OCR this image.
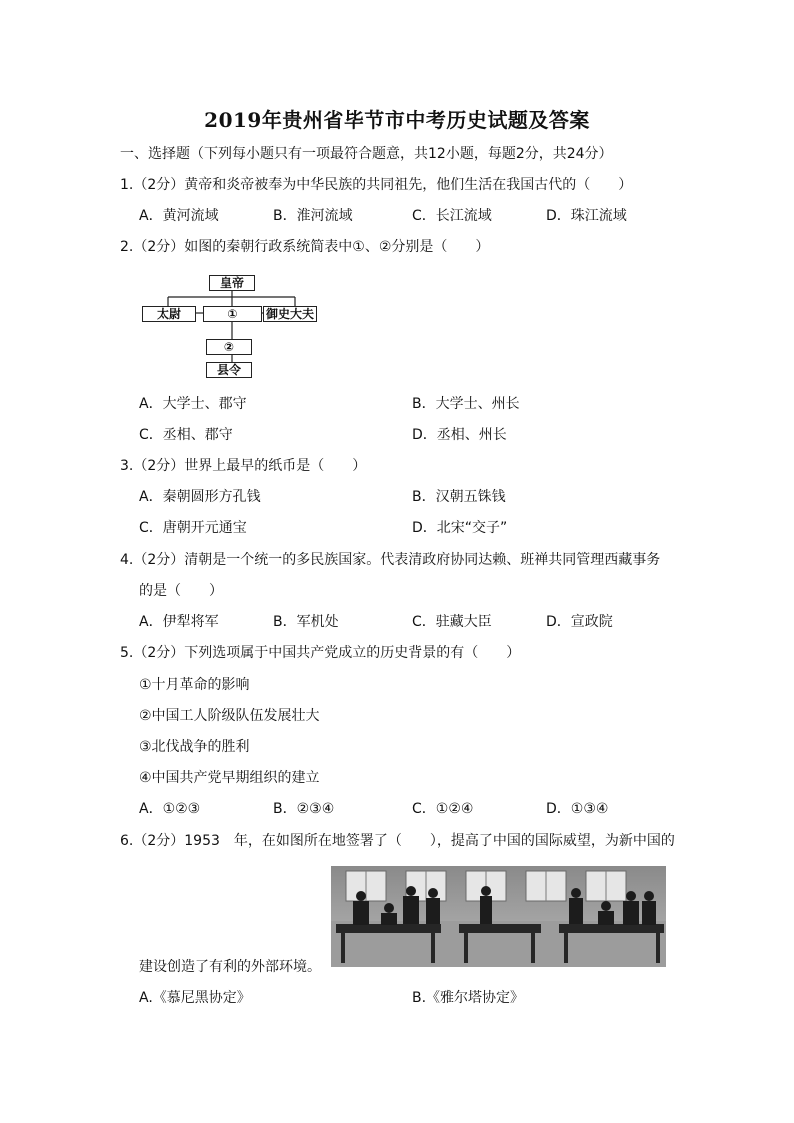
2019年贵州省毕节市中考历史试题及答案
一、选择题（下列每小题只有一项最符合题意，共12小题，每题2分，共24分）
1.（2分）黄帝和炎帝被奉为中华民族的共同祖先，他们生活在我国古代的（　　）
A．黄河流域	B．淮河流域	C．长江流域	D．珠江流域
2.（2分）如图的秦朝行政系统简表中①、②分别是（　　）
皇帝
太尉	①	御史大夫
②
县令
A．大学士、郡守	B．大学士、州长
C．丞相、郡守	D．丞相、州长
3.（2分）世界上最早的纸币是（　　）
A．秦朝圆形方孔钱	B．汉朝五铢钱
C．唐朝开元通宝	D．北宋“交子”
4.（2分）清朝是一个统一的多民族国家。代表清政府协同达赖、班禅共同管理西藏事务
的是（　　）
A．伊犁将军	B．军机处	C．驻藏大臣	D．宣政院
5.（2分）下列选项属于中国共产党成立的历史背景的有（　　）
①十月革命的影响
②中国工人阶级队伍发展壮大
③北伐战争的胜利
④中国共产党早期组织的建立
A．①②③	B．②③④	C．①②④	D．①③④
6.（2分）1953　年，在如图所在地签署了（　　），提高了中国的国际威望，为新中国的
建设创造了有利的外部环境。
A.《慕尼黑协定》	B.《雅尔塔协定》
